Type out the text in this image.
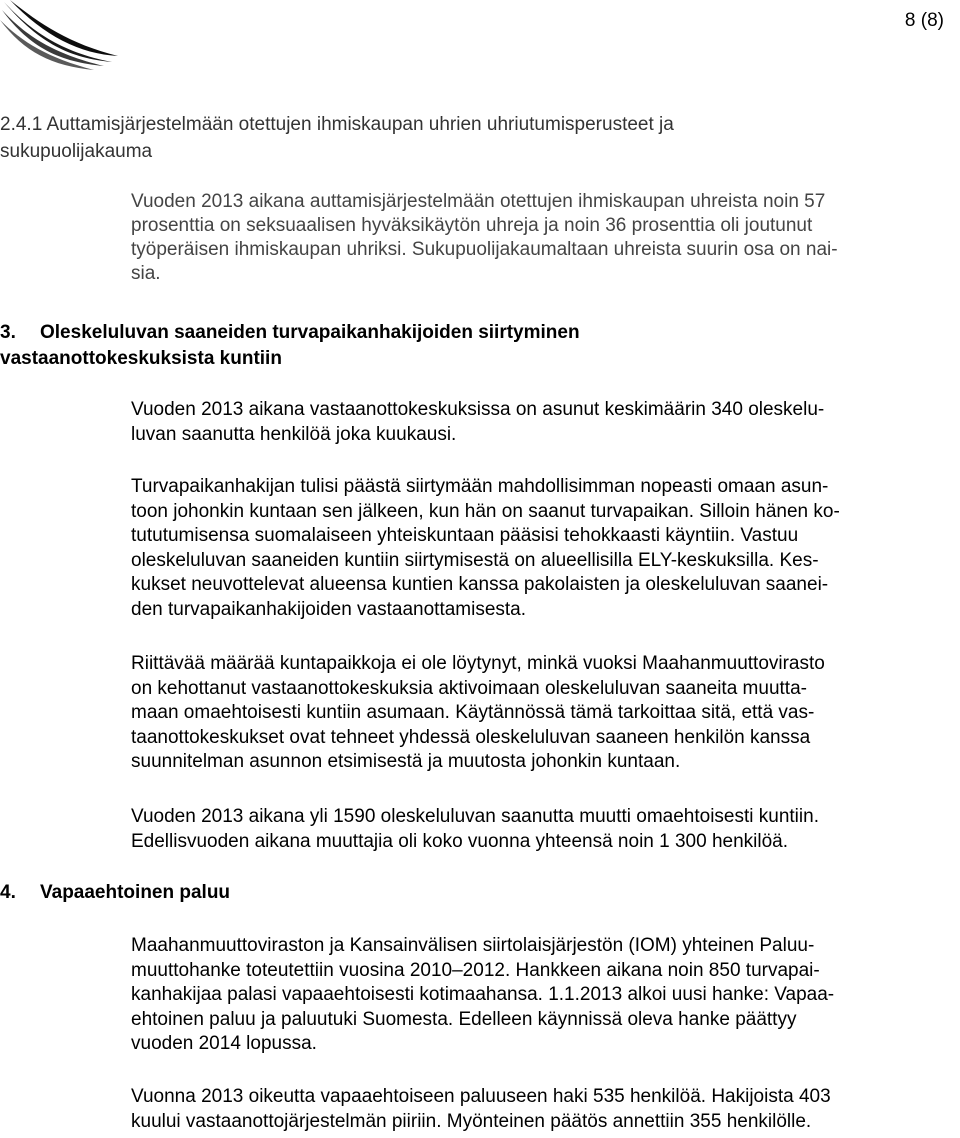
8 (8)
2.4.1 Auttamisjärjestelmään otettujen ihmiskaupan uhrien uhriutumisperusteet ja
sukupuolijakauma

Vuoden 2013 aikana auttamisjärjestelmään otettujen ihmiskaupan uhreista noin 57
prosenttia on seksuaalisen hyväksikäytön uhreja ja noin 36 prosenttia oli joutunut
työperäisen ihmiskaupan uhriksi. Sukupuolijakaumaltaan uhreista suurin osa on nai-
sia.

3. Oleskeluluvan saaneiden turvapaikanhakijoiden siirtyminen
vastaanottokeskuksista kuntiin

Vuoden 2013 aikana vastaanottokeskuksissa on asunut keskimäärin 340 oleskelu-
luvan saanutta henkilöä joka kuukausi.

Turvapaikanhakijan tulisi päästä siirtymään mahdollisimman nopeasti omaan asun-
toon johonkin kuntaan sen jälkeen, kun hän on saanut turvapaikan. Silloin hänen ko-
tututumisensa suomalaiseen yhteiskuntaan pääsisi tehokkaasti käyntiin. Vastuu
oleskeluluvan saaneiden kuntiin siirtymisestä on alueellisilla ELY-keskuksilla. Kes-
kukset neuvottelevat alueensa kuntien kanssa pakolaisten ja oleskeluluvan saanei-
den turvapaikanhakijoiden vastaanottamisesta.

Riittävää määrää kuntapaikkoja ei ole löytynyt, minkä vuoksi Maahanmuuttovirasto
on kehottanut vastaanottokeskuksia aktivoimaan oleskeluluvan saaneita muutta-
maan omaehtoisesti kuntiin asumaan. Käytännössä tämä tarkoittaa sitä, että vas-
taanottokeskukset ovat tehneet yhdessä oleskeluluvan saaneen henkilön kanssa
suunnitelman asunnon etsimisestä ja muutosta johonkin kuntaan.

Vuoden 2013 aikana yli 1590 oleskeluluvan saanutta muutti omaehtoisesti kuntiin.
Edellisvuoden aikana muuttajia oli koko vuonna yhteensä noin 1 300 henkilöä.

4. Vapaaehtoinen paluu

Maahanmuuttoviraston ja Kansainvälisen siirtolaisjärjestön (IOM) yhteinen Paluu-
muuttohanke toteutettiin vuosina 2010–2012. Hankkeen aikana noin 850 turvapai-
kanhakijaa palasi vapaaehtoisesti kotimaahansa. 1.1.2013 alkoi uusi hanke: Vapaa-
ehtoinen paluu ja paluutuki Suomesta. Edelleen käynnissä oleva hanke päättyy
vuoden 2014 lopussa.

Vuonna 2013 oikeutta vapaaehtoiseen paluuseen haki 535 henkilöä. Hakijoista 403
kuului vastaanottojärjestelmän piiriin. Myönteinen päätös annettiin 355 henkilölle.
